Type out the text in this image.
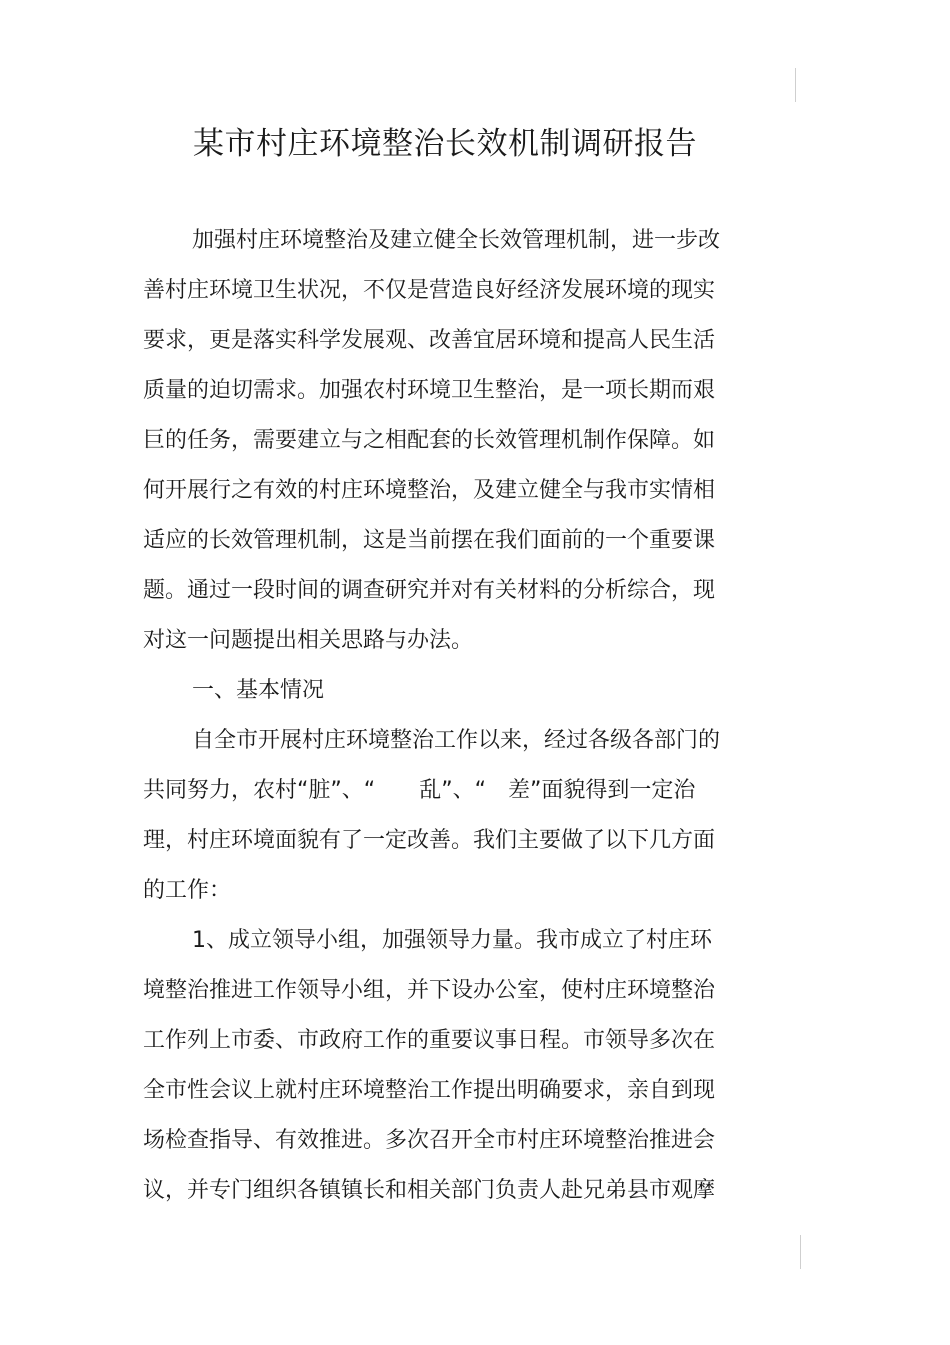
某市村庄环境整治长效机制调研报告

加强村庄环境整治及建立健全长效管理机制，进一步改

善村庄环境卫生状况，不仅是营造良好经济发展环境的现实

要求，更是落实科学发展观、改善宜居环境和提高人民生活

质量的迫切需求。加强农村环境卫生整治，是一项长期而艰

巨的任务，需要建立与之相配套的长效管理机制作保障。如

何开展行之有效的村庄环境整治，及建立健全与我市实情相

适应的长效管理机制，这是当前摆在我们面前的一个重要课

题。通过一段时间的调查研究并对有关材料的分析综合，现

对这一问题提出相关思路与办法。

一、基本情况

自全市开展村庄环境整治工作以来，经过各级各部门的

共同努力，农村“脏”、“　　乱”、“　差”面貌得到一定治

理，村庄环境面貌有了一定改善。我们主要做了以下几方面

的工作：

1、成立领导小组，加强领导力量。我市成立了村庄环

境整治推进工作领导小组，并下设办公室，使村庄环境整治

工作列上市委、市政府工作的重要议事日程。市领导多次在

全市性会议上就村庄环境整治工作提出明确要求，亲自到现

场检查指导、有效推进。多次召开全市村庄环境整治推进会

议，并专门组织各镇镇长和相关部门负责人赴兄弟县市观摩
